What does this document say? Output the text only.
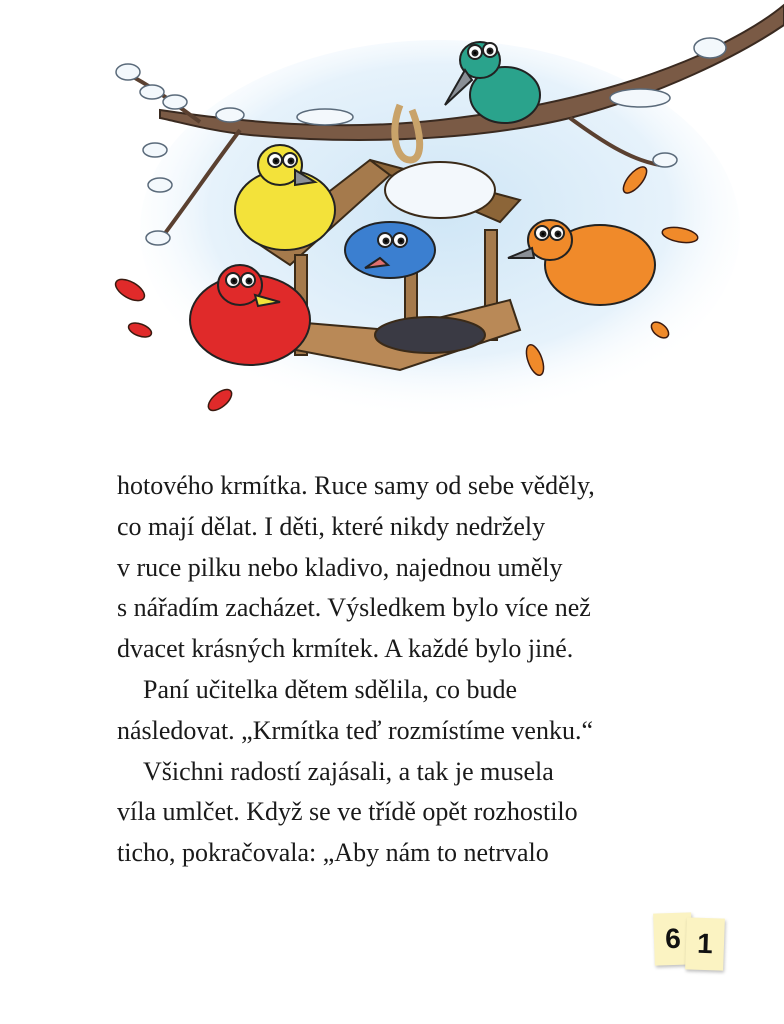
hotového krmítka. Ruce samy od sebe věděly,
co mají dělat. I děti, které nikdy nedržely
v ruce pilku nebo kladivo, najednou uměly
s nářadím zacházet. Výsledkem bylo více než
dvacet krásných krmítek. A každé bylo jiné.
Paní učitelka dětem sdělila, co bude
následovat. „Krmítka teď rozmístíme venku.“
Všichni radostí zajásali, a tak je musela
víla umlčet. Když se ve třídě opět rozhostilo
ticho, pokračovala: „Aby nám to netrvalo
6 1
